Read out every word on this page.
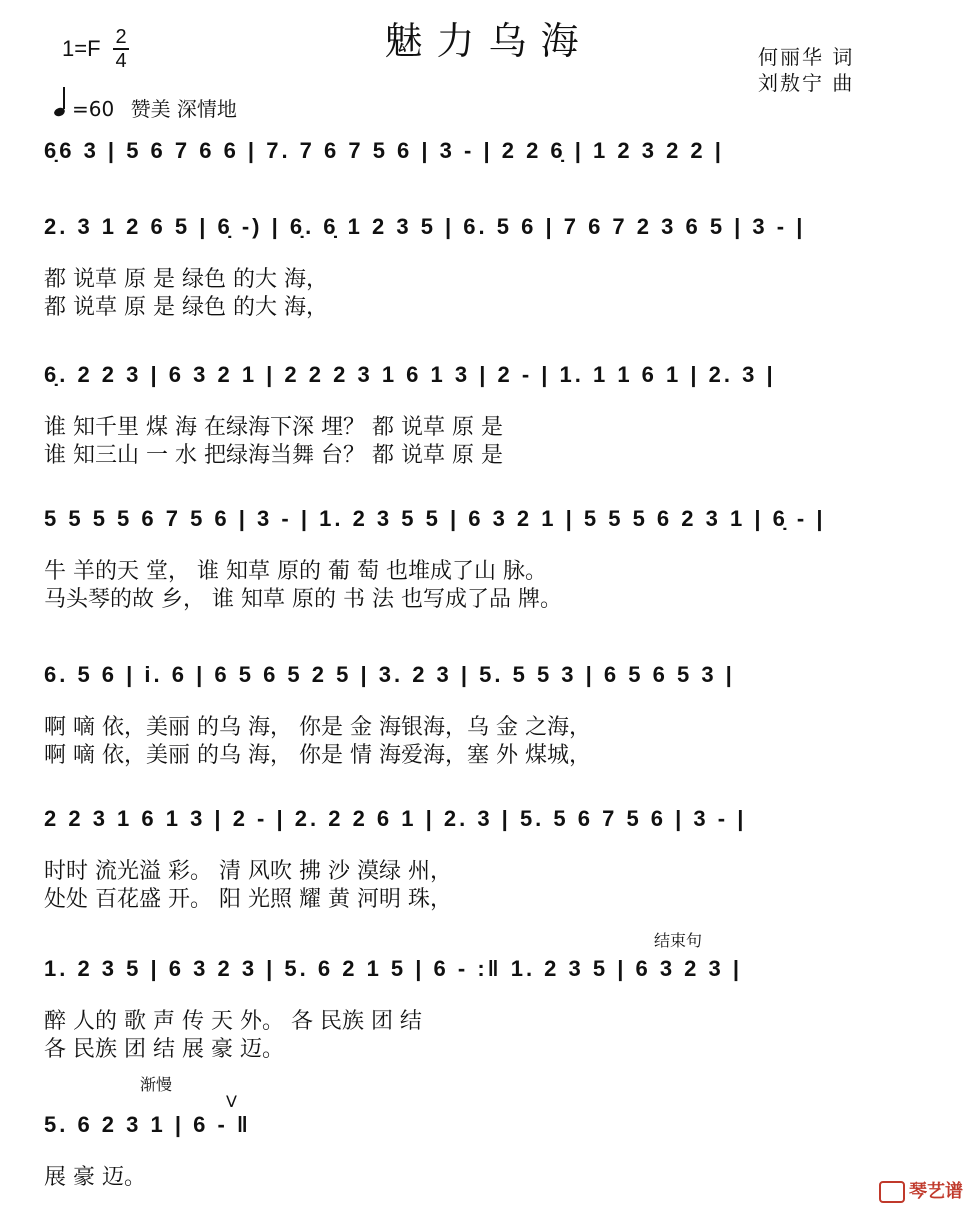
魅力乌海
1=F 2
4
=60 赞美 深情地
何丽华 词
刘敖宁 曲
6̣6 3 | 5 6 7 6 6 | 7. 7 6 7 5 6 | 3 - | 2 2 6̣ | 1 2 3 2 2 |
2. 3 1 2 6 5 | 6̣ -) | 6̣. 6̣ 1 2 3 5 | 6. 5 6 | 7 6 7 2 3 6 5 | 3 - |
都 说草 原 是 绿色 的大 海，
都 说草 原 是 绿色 的大 海，
6̣. 2 2 3 | 6 3 2 1 | 2 2 2 3 1 6 1 3 | 2 - | 1. 1 1 6 1 | 2. 3 |
谁 知千里 煤 海 在绿海下深 埋？ 都 说草 原 是
谁 知三山 一 水 把绿海当舞 台？ 都 说草 原 是
5 5 5 5 6 7 5 6 | 3 - | 1. 2 3 5 5 | 6 3 2 1 | 5 5 5 6 2 3 1 | 6̣ - |
牛 羊的天 堂， 谁 知草 原的 葡 萄 也堆成了山 脉。
马头琴的故 乡， 谁 知草 原的 书 法 也写成了品 牌。
6. 5 6 | i. 6 | 6 5 6 5 2 5 | 3. 2 3 | 5. 5 5 3 | 6 5 6 5 3 |
啊 嘀 依，美丽 的乌 海， 你是 金 海银海，乌 金 之海，
啊 嘀 依，美丽 的乌 海， 你是 情 海爱海，塞 外 煤城，
2 2 3 1 6 1 3 | 2 - | 2. 2 2 6 1 | 2. 3 | 5. 5 6 7 5 6 | 3 - |
时时 流光溢 彩。 清 风吹 拂 沙 漠绿 州，
处处 百花盛 开。 阳 光照 耀 黄 河明 珠，
1. 2 3 5 | 6 3 2 3 | 5. 6 2 1 5 | 6 - :‖ 1. 2 3 5 | 6 3 2 3 |
醉 人的 歌 声 传 天 外。 各 民族 团 结
各 民族 团 结 展 豪 迈。
5. 6 2 3 1 | 6 - ‖
展 豪 迈。
结束句
渐慢
V
琴艺谱
